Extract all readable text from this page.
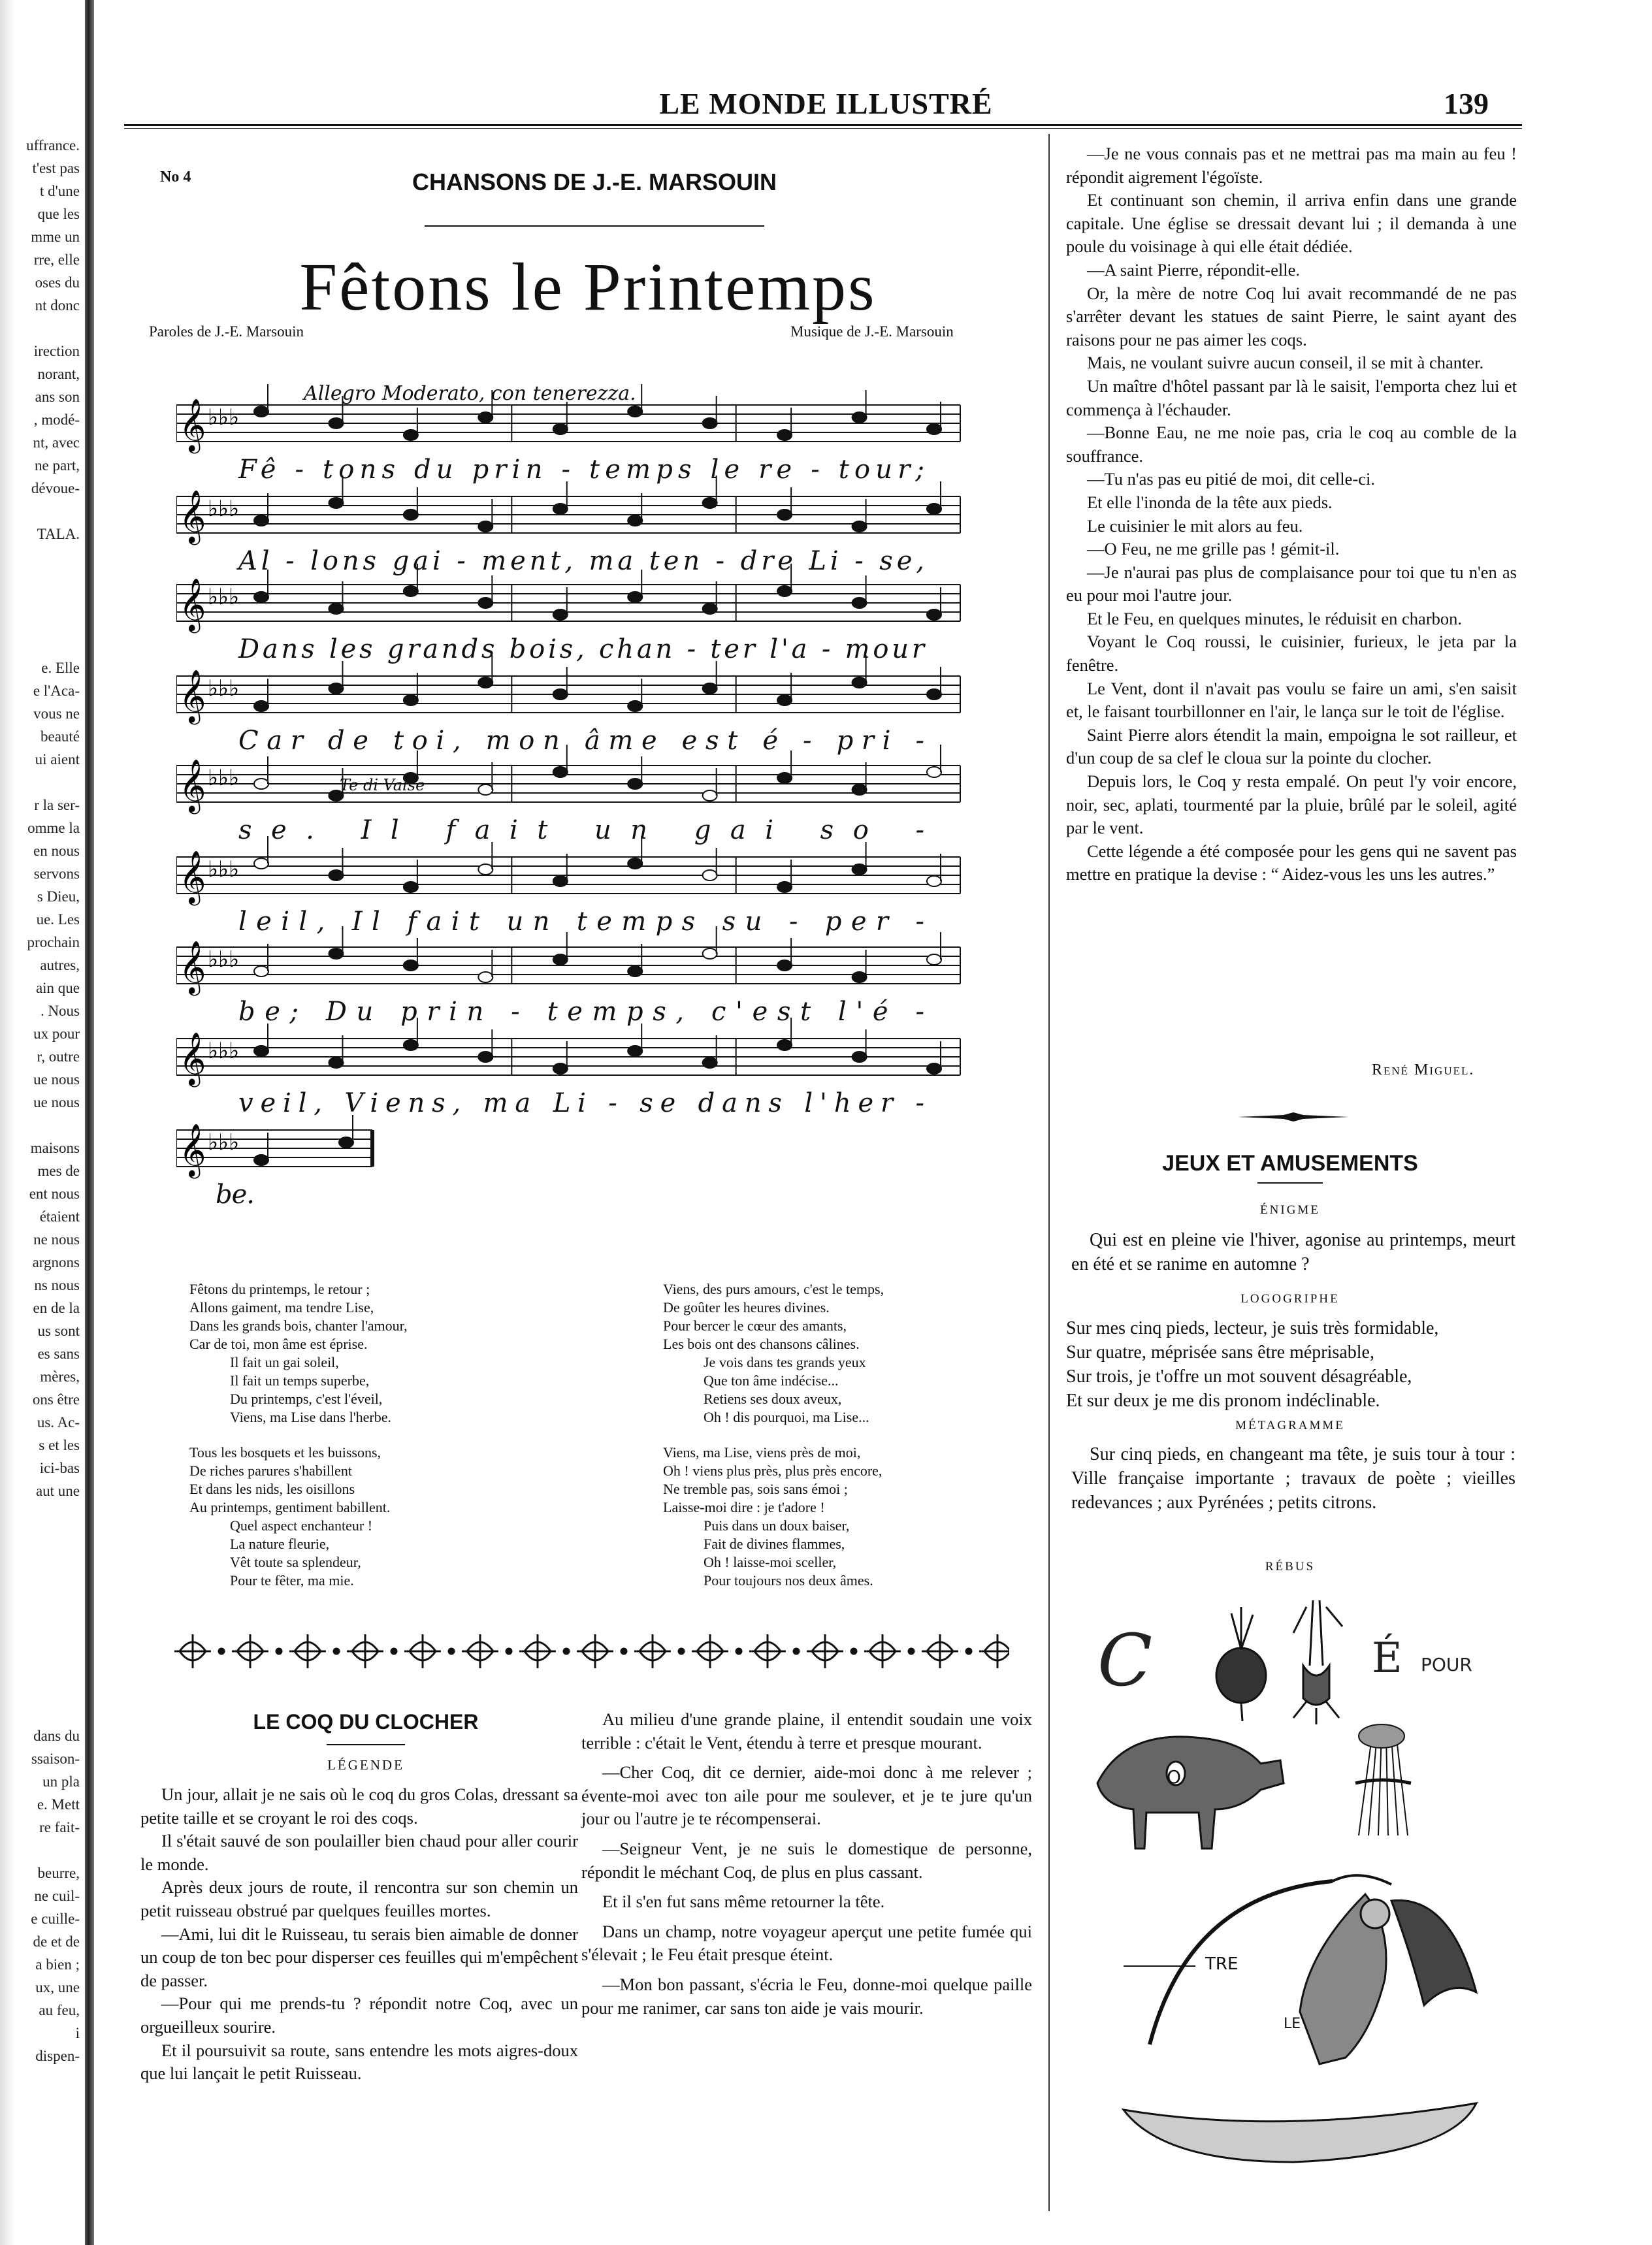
uffrance.
t'est pas
t d'une
que les
mme un
rre, elle
oses du
nt donc

irection
norant,
ans son
, modé-
nt, avec
ne part,
dévoue-

TALA.
e. Elle
e l'Aca-
vous ne
beauté
ui aient

r la ser-
omme la
en nous
servons
s Dieu,
ue. Les
prochain
autres,
ain que
. Nous
ux pour
r, outre
ue nous
ue nous

maisons
mes de
ent nous
étaient
ne nous
argnons
ns nous
en de la
us sont
es sans
mères,
ons être
us. Ac-
s et les
ici-bas
aut une
dans du
ssaison-
un pla
e. Mett
re fait-

beurre,
ne cuil-
e cuille-
de et de
a bien ;
ux, une
au feu,
i
dispen-
LE MONDE ILLUSTRÉ	139
No 4	CHANSONS DE J.-E. MARSOUIN
Fêtons le Printemps
Paroles de J.-E. Marsouin	Musique de J.-E. Marsouin
Allegro Moderato, con tenerezza.
𝄞 ♭♭♭
Fê - tons du prin - temps le re - tour;
𝄞 ♭♭♭
Al - lons gai - ment, ma ten - dre Li - se,
𝄞 ♭♭♭
Dans les grands bois, chan - ter l'a - mour
𝄞 ♭♭♭
Car de toi, mon âme est é - pri -
𝄞 ♭♭♭
se. Il fait un gai so -
𝄞 ♭♭♭
leil, Il fait un temps su - per -
𝄞 ♭♭♭
be; Du prin - temps, c'est l'é -
𝄞 ♭♭♭
veil, Viens, ma Li - se dans l'her -
𝄞 ♭♭♭
be.
Te di Valse
Fêtons du printemps, le retour ;
Allons gaiment, ma tendre Lise,
Dans les grands bois, chanter l'amour,
Car de toi, mon âme est éprise.
Il fait un gai soleil,
Il fait un temps superbe,
Du printemps, c'est l'éveil,
Viens, ma Lise dans l'herbe.
Tous les bosquets et les buissons,
De riches parures s'habillent
Et dans les nids, les oisillons
Au printemps, gentiment babillent.
Quel aspect enchanteur !
La nature fleurie,
Vêt toute sa splendeur,
Pour te fêter, ma mie.
Viens, des purs amours, c'est le temps,
De goûter les heures divines.
Pour bercer le cœur des amants,
Les bois ont des chansons câlines.
Je vois dans tes grands yeux
Que ton âme indécise...
Retiens ses doux aveux,
Oh ! dis pourquoi, ma Lise...
Viens, ma Lise, viens près de moi,
Oh ! viens plus près, plus près encore,
Ne tremble pas, sois sans émoi ;
Laisse-moi dire : je t'adore !
Puis dans un doux baiser,
Fait de divines flammes,
Oh ! laisse-moi sceller,
Pour toujours nos deux âmes.
LE COQ DU CLOCHER
LÉGENDE

Un jour, allait je ne sais où le coq du gros Colas, dressant sa petite taille et se croyant le roi des coqs.

Il s'était sauvé de son poulailler bien chaud pour aller courir le monde.

Après deux jours de route, il rencontra sur son chemin un petit ruisseau obstrué par quelques feuilles mortes.

—Ami, lui dit le Ruisseau, tu serais bien aimable de donner un coup de ton bec pour disperser ces feuilles qui m'empêchent de passer.

—Pour qui me prends-tu ? répondit notre Coq, avec un orgueilleux sourire.

Et il poursuivit sa route, sans entendre les mots aigres-doux que lui lançait le petit Ruisseau.

Au milieu d'une grande plaine, il entendit soudain une voix terrible : c'était le Vent, étendu à terre et presque mourant.

—Cher Coq, dit ce dernier, aide-moi donc à me relever ; évente-moi avec ton aile pour me soulever, et je te jure qu'un jour ou l'autre je te récompenserai.

—Seigneur Vent, je ne suis le domestique de personne, répondit le méchant Coq, de plus en plus cassant.

Et il s'en fut sans même retourner la tête.

Dans un champ, notre voyageur aperçut une petite fumée qui s'élevait ; le Feu était presque éteint.

—Mon bon passant, s'écria le Feu, donne-moi quelque paille pour me ranimer, car sans ton aide je vais mourir.

—Je ne vous connais pas et ne mettrai pas ma main au feu ! répondit aigrement l'égoïste.

Et continuant son chemin, il arriva enfin dans une grande capitale. Une église se dressait devant lui ; il demanda à une poule du voisinage à qui elle était dédiée.

—A saint Pierre, répondit-elle.

Or, la mère de notre Coq lui avait recommandé de ne pas s'arrêter devant les statues de saint Pierre, le saint ayant des raisons pour ne pas aimer les coqs.

Mais, ne voulant suivre aucun conseil, il se mit à chanter.

Un maître d'hôtel passant par là le saisit, l'emporta chez lui et commença à l'échauder.

—Bonne Eau, ne me noie pas, cria le coq au comble de la souffrance.

—Tu n'as pas eu pitié de moi, dit celle-ci.

Et elle l'inonda de la tête aux pieds.

Le cuisinier le mit alors au feu.

—O Feu, ne me grille pas ! gémit-il.

—Je n'aurai pas plus de complaisance pour toi que tu n'en as eu pour moi l'autre jour.

Et le Feu, en quelques minutes, le réduisit en charbon.

Voyant le Coq roussi, le cuisinier, furieux, le jeta par la fenêtre.

Le Vent, dont il n'avait pas voulu se faire un ami, s'en saisit et, le faisant tourbillonner en l'air, le lança sur le toit de l'église.

Saint Pierre alors étendit la main, empoigna le sot railleur, et d'un coup de sa clef le cloua sur la pointe du clocher.

Depuis lors, le Coq y resta empalé. On peut l'y voir encore, noir, sec, aplati, tourmenté par la pluie, brûlé par le soleil, agité par le vent.

Cette légende a été composée pour les gens qui ne savent pas mettre en pratique la devise : “ Aidez-vous les uns les autres.”

René Miguel.
JEUX ET AMUSEMENTS
ÉNIGME
Qui est en pleine vie l'hiver, agonise au printemps, meurt en été et se ranime en automne ?
LOGOGRIPHE
Sur mes cinq pieds, lecteur, je suis très formidable,
Sur quatre, méprisée sans être méprisable,
Sur trois, je t'offre un mot souvent désagréable,
Et sur deux je me dis pronom indéclinable.
MÉTAGRAMME
Sur cinq pieds, en changeant ma tête, je suis tour à tour : Ville française importante ; travaux de poète ; vieilles redevances ; aux Pyrénées ; petits citrons.
RÉBUS
C	É POUR
O
TRE
LE
